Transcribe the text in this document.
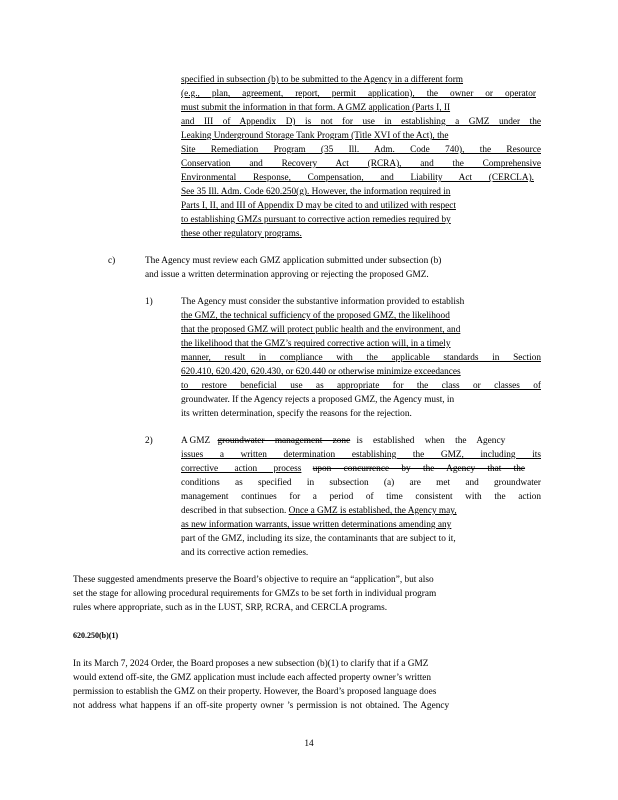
specified in subsection (b) to be submitted to the Agency in a different form
(e.g., plan, agreement, report, permit application), the owner or operator
must submit the information in that form. A GMZ application (Parts I, II
and III of Appendix D) is not for use in establishing a GMZ under the
Leaking Underground Storage Tank Program (Title XVI of the Act), the
Site Remediation Program (35 Ill. Adm. Code 740), the Resource
Conservation and Recovery Act (RCRA), and the Comprehensive
Environmental Response, Compensation, and Liability Act (CERCLA).
See 35 Ill. Adm. Code 620.250(g). However, the information required in
Parts I, II, and III of Appendix D may be cited to and utilized with respect
to establishing GMZs pursuant to corrective action remedies required by
these other regulatory programs.
c)	The Agency must review each GMZ application submitted under subsection (b)
and issue a written determination approving or rejecting the proposed GMZ.
1)	The Agency must consider the substantive information provided to establish
the GMZ, the technical sufficiency of the proposed GMZ, the likelihood
that the proposed GMZ will protect public health and the environment, and
the likelihood that the GMZ’s required corrective action will, in a timely
manner, result in compliance with the applicable standards in Section
620.410, 620.420, 620.430, or 620.440 or otherwise minimize exceedances
to restore beneficial use as appropriate for the class or classes of
groundwater. If the Agency rejects a proposed GMZ, the Agency must, in
its written determination, specify the reasons for the rejection.
2)	A GMZ groundwater management zone is established when the Agency
issues a written determination establishing the GMZ, including its
corrective action process upon concurrence by the Agency that the
conditions as specified in subsection (a) are met and groundwater
management continues for a period of time consistent with the action
described in that subsection. Once a GMZ is established, the Agency may,
as new information warrants, issue written determinations amending any
part of the GMZ, including its size, the contaminants that are subject to it,
and its corrective action remedies.
These suggested amendments preserve the Board’s objective to require an “application”, but also
set the stage for allowing procedural requirements for GMZs to be set forth in individual program
rules where appropriate, such as in the LUST, SRP, RCRA, and CERCLA programs.
620.250(b)(1)
In its March 7, 2024 Order, the Board proposes a new subsection (b)(1) to clarify that if a GMZ
would extend off-site, the GMZ application must include each affected property owner’s written
permission to establish the GMZ on their property. However, the Board’s proposed language does
not address what happens if an off-site property owner ’s permission is not obtained. The Agency
14
